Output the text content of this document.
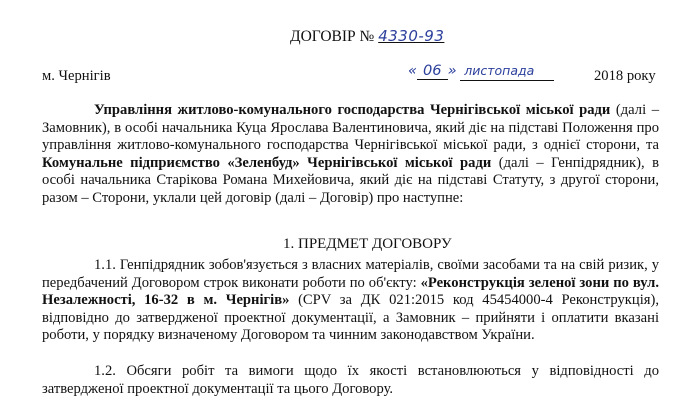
ДОГОВІР № 4330-93
м. Чернігів	« 06 » листопада	2018 року
Управління житлово-комунального господарства Чернігівської міської ради (далі – Замовник), в особі начальника Куца Ярослава Валентиновича, який діє на підставі Положення про управління житлово-комунального господарства Чернігівської міської ради, з однієї сторони, та Комунальне підприємство «Зеленбуд» Чернігівської міської ради (далі – Генпідрядник), в особі начальника Старікова Романа Михейовича, який діє на підставі Статуту, з другої сторони, разом – Сторони, уклали цей договір (далі – Договір) про наступне:
1. ПРЕДМЕТ ДОГОВОРУ
1.1. Генпідрядник зобов'язується з власних матеріалів, своїми засобами та на свій ризик, у передбачений Договором строк виконати роботи по об'єкту: «Реконструкція зеленої зони по вул. Незалежності, 16-32 в м. Чернігів» (CPV за ДК 021:2015 код 45454000-4 Реконструкція), відповідно до затвердженої проектної документації, а Замовник – прийняти і оплатити вказані роботи, у порядку визначеному Договором та чинним законодавством України.
1.2. Обсяги робіт та вимоги щодо їх якості встановлюються у відповідності до затвердженої проектної документації та цього Договору.
